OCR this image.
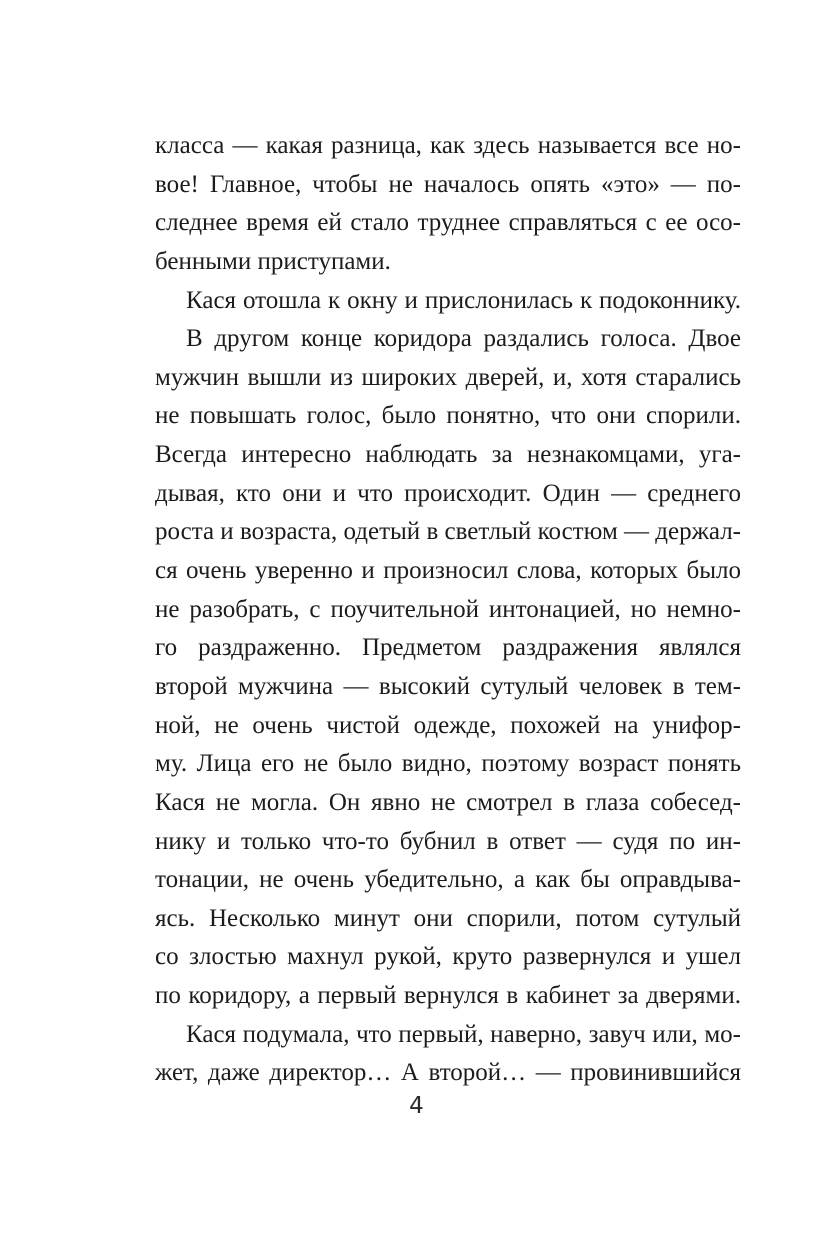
класса — какая разница, как здесь называется все но-
вое! Главное, чтобы не началось опять «это» — по-
следнее время ей стало труднее справляться с ее осо-
бенными приступами.
Кася отошла к окну и прислонилась к подоконнику.
В другом конце коридора раздались голоса. Двое
мужчин вышли из широких дверей, и, хотя старались
не повышать голос, было понятно, что они спорили.
Всегда интересно наблюдать за незнакомцами, уга-
дывая, кто они и что происходит. Один — среднего
роста и возраста, одетый в светлый костюм — держал-
ся очень уверенно и произносил слова, которых было
не разобрать, с поучительной интонацией, но немно-
го раздраженно. Предметом раздражения являлся
второй мужчина — высокий сутулый человек в тем-
ной, не очень чистой одежде, похожей на унифор-
му. Лица его не было видно, поэтому возраст понять
Кася не могла. Он явно не смотрел в глаза собесед-
нику и только что-то бубнил в ответ — судя по ин-
тонации, не очень убедительно, а как бы оправдыва-
ясь. Несколько минут они спорили, потом сутулый
со злостью махнул рукой, круто развернулся и ушел
по коридору, а первый вернулся в кабинет за дверями.
Кася подумала, что первый, наверно, завуч или, мо-
жет, даже директор… А второй… — провинившийся
4
